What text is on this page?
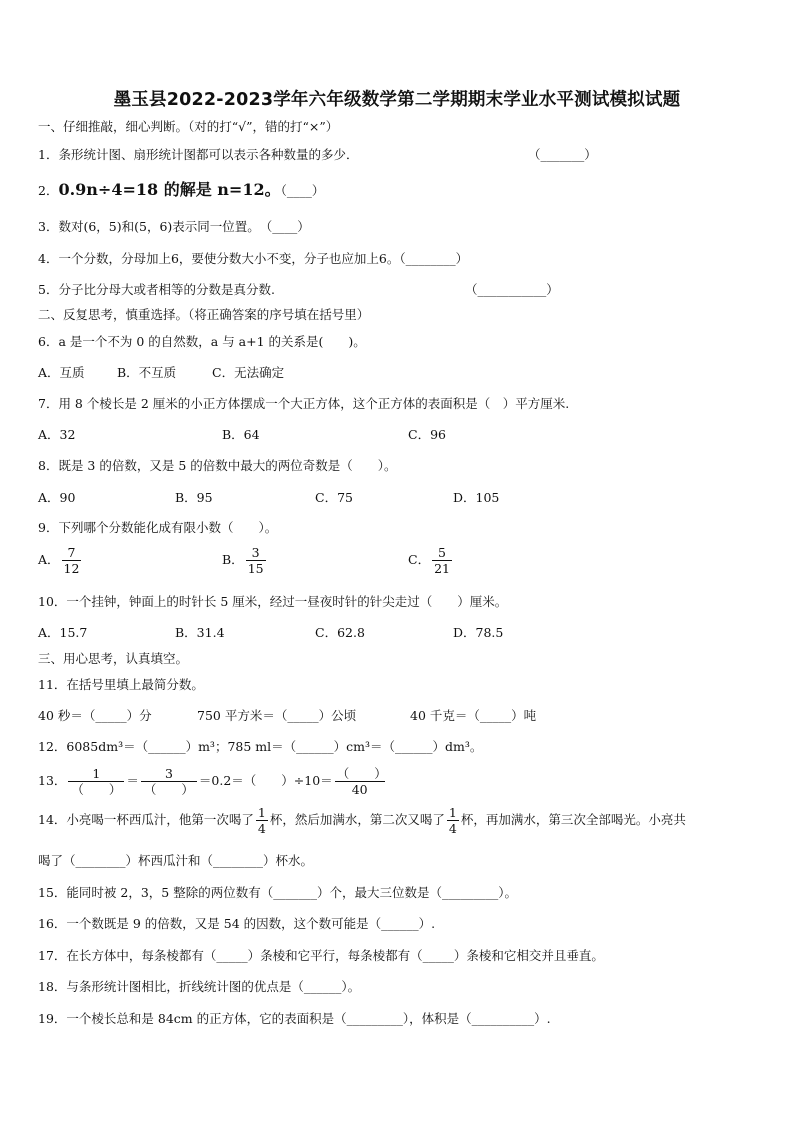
墨玉县2022-2023学年六年级数学第二学期期末学业水平测试模拟试题
一、仔细推敲，细心判断。（对的打“√”，错的打“×”）
1．条形统计图、扇形统计图都可以表示各种数量的多少．	（_______）
2．0.9n÷4=18 的解是 n=12。（____）
3．数对(6，5)和(5，6)表示同一位置。　 （____）
4．一个分数，分母加上6，要使分数大小不变，分子也应加上6。（________）
5．分子比分母大或者相等的分数是真分数.	（___________）
二、反复思考，慎重选择。（将正确答案的序号填在括号里）
6．a 是一个不为 0 的自然数，a 与 a+1 的关系是(　　)。
A．互质	B．不互质	C．无法确定
7．用 8 个棱长是 2 厘米的小正方体摆成一个大正方体，这个正方体的表面积是（　）平方厘米.
A．32	B．64	C．96
8．既是 3 的倍数，又是 5 的倍数中最大的两位奇数是（　　）。
A．90	B．95	C．75	D．105
9．下列哪个分数能化成有限小数（　　）。
A． $\frac{7}{12}$	B． $\frac{3}{15}$	C． $\frac{5}{21}$
10．一个挂钟，钟面上的时针长 5 厘米，经过一昼夜时针的针尖走过（　　）厘米。
A．15.7	B．31.4	C．62.8	D．78.5
三、用心思考，认真填空。
11．在括号里填上最简分数。
40 秒＝（_____）分	750 平方米＝（_____）公顷	40 千克＝（_____）吨
12．6085dm³＝（______）m³；785 ml＝（______）cm³＝（______）dm³。
13． $\frac{1}{( )} = \frac{3}{( )} =0.2=$（　　）$\div 10= \frac{( )}{40}$
14．小亮喝一杯西瓜汁，他第一次喝了 $\frac{1}{4}$ 杯，然后加满水，第二次又喝了 $\frac{1}{4}$ 杯，再加满水，第三次全部喝光。小亮共
喝了（________）杯西瓜汁和（________）杯水。
15．能同时被 2，3，5 整除的两位数有（_______）个，最大三位数是（_________）。
16．一个数既是 9 的倍数，又是 54 的因数，这个数可能是（______）.
17．在长方体中，每条棱都有（_____）条棱和它平行，每条棱都有（_____）条棱和它相交并且垂直。
18．与条形统计图相比，折线统计图的优点是（______）。
19．一个棱长总和是 84cm 的正方体，它的表面积是（_________），体积是（__________）.
